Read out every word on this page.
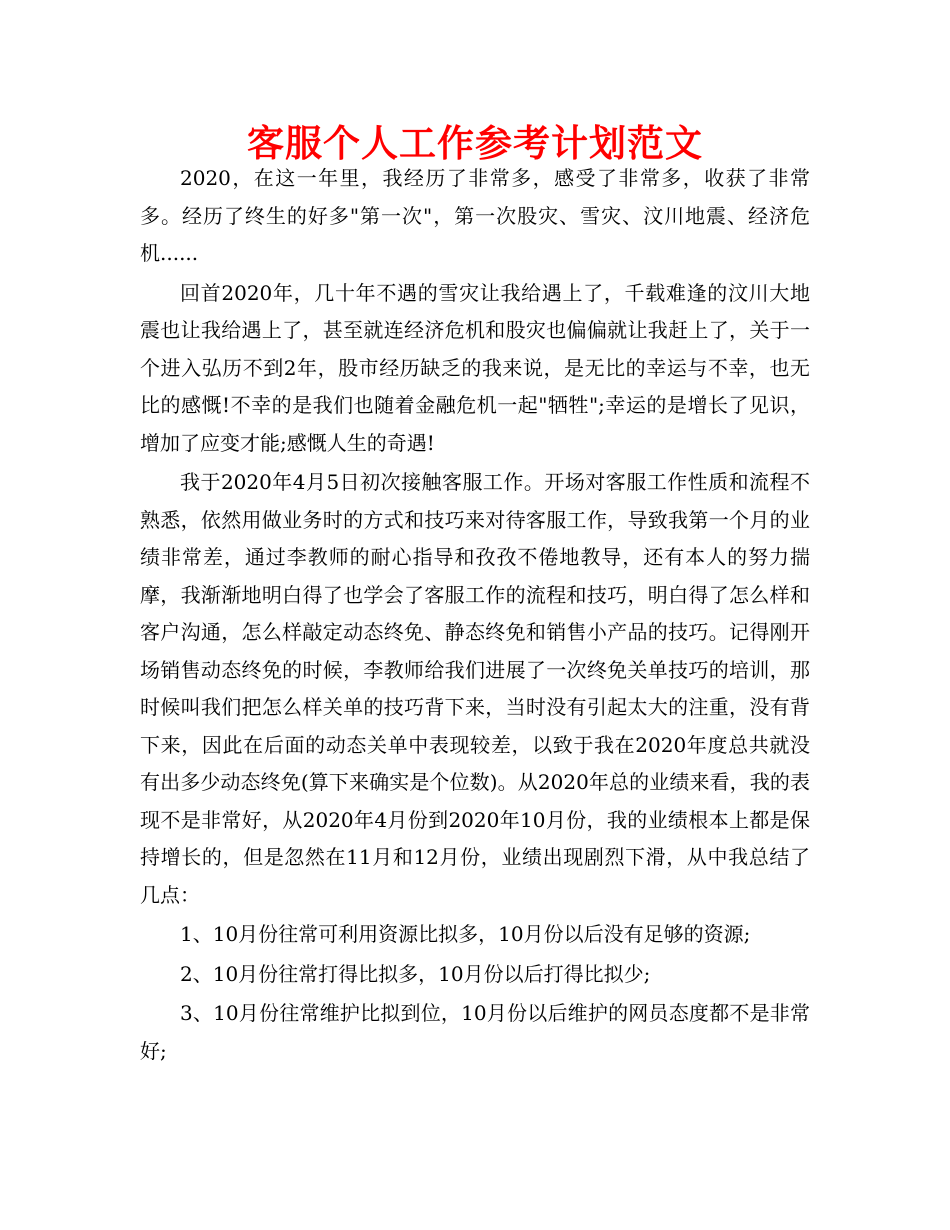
客服个人工作参考计划范文

2020，在这一年里，我经历了非常多，感受了非常多，收获了非常多。经历了终生的好多"第一次"，第一次股灾、雪灾、汶川地震、经济危机......

回首2020年，几十年不遇的雪灾让我给遇上了，千载难逢的汶川大地震也让我给遇上了，甚至就连经济危机和股灾也偏偏就让我赶上了，关于一个进入弘历不到2年，股市经历缺乏的我来说，是无比的幸运与不幸，也无比的感慨!不幸的是我们也随着金融危机一起"牺牲";幸运的是增长了见识，增加了应变才能;感慨人生的奇遇!

我于2020年4月5日初次接触客服工作。开场对客服工作性质和流程不熟悉，依然用做业务时的方式和技巧来对待客服工作，导致我第一个月的业绩非常差，通过李教师的耐心指导和孜孜不倦地教导，还有本人的努力揣摩，我渐渐地明白得了也学会了客服工作的流程和技巧，明白得了怎么样和客户沟通，怎么样敲定动态终免、静态终免和销售小产品的技巧。记得刚开场销售动态终免的时候，李教师给我们进展了一次终免关单技巧的培训，那时候叫我们把怎么样关单的技巧背下来，当时没有引起太大的注重，没有背下来，因此在后面的动态关单中表现较差，以致于我在2020年度总共就没有出多少动态终免(算下来确实是个位数)。从2020年总的业绩来看，我的表现不是非常好，从2020年4月份到2020年10月份，我的业绩根本上都是保持增长的，但是忽然在11月和12月份，业绩出现剧烈下滑，从中我总结了几点：

1、10月份往常可利用资源比拟多，10月份以后没有足够的资源;

2、10月份往常打得比拟多，10月份以后打得比拟少;

3、10月份往常维护比拟到位，10月份以后维护的网员态度都不是非常好;
